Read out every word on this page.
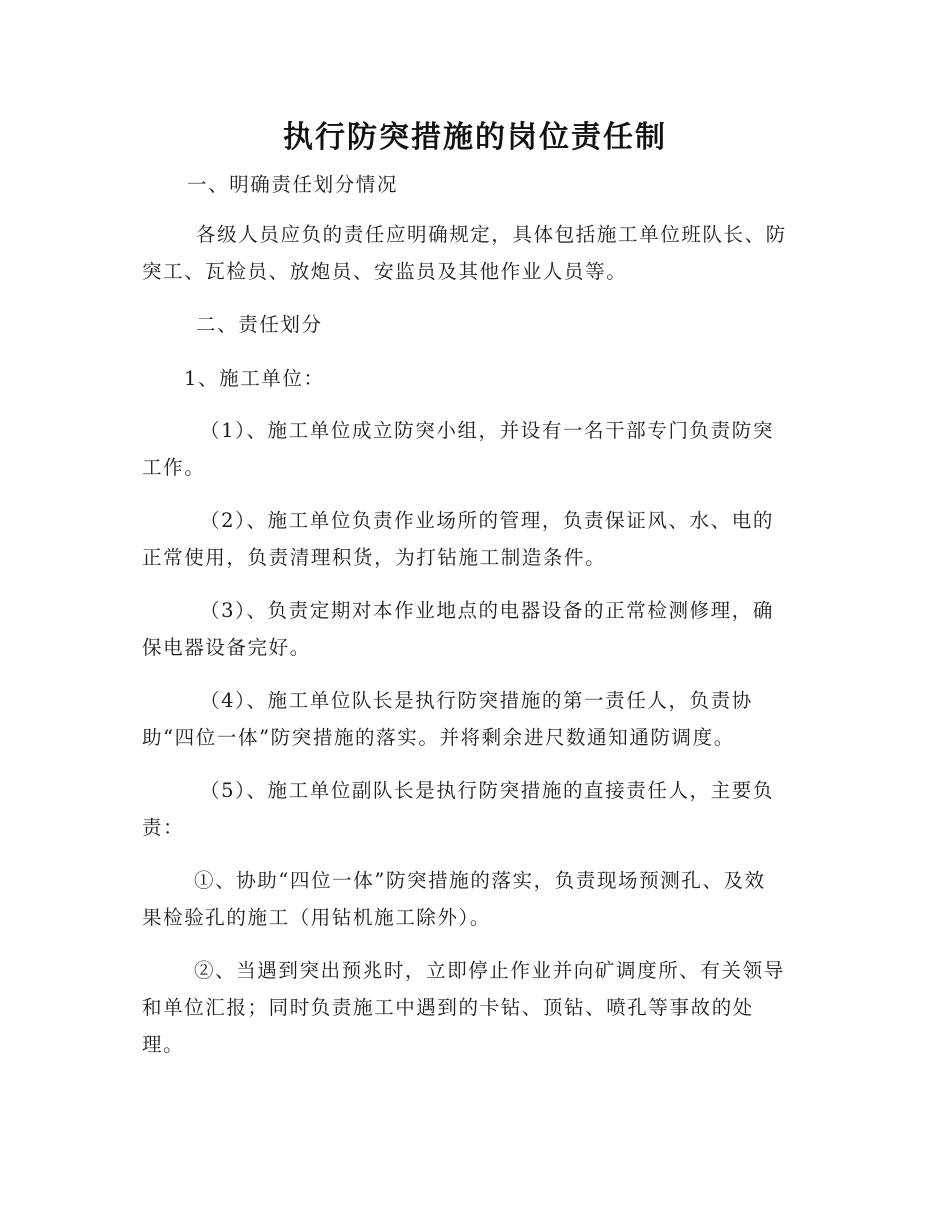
执行防突措施的岗位责任制

一、明确责任划分情况

各级人员应负的责任应明确规定，具体包括施工单位班队长、防
突工、瓦检员、放炮员、安监员及其他作业人员等。

二、责任划分

1、施工单位：

（1）、施工单位成立防突小组，并设有一名干部专门负责防突
工作。

（2）、施工单位负责作业场所的管理，负责保证风、水、电的
正常使用，负责清理积货，为打钻施工制造条件。

（3）、负责定期对本作业地点的电器设备的正常检测修理，确
保电器设备完好。

（4）、施工单位队长是执行防突措施的第一责任人，负责协
助“四位一体”防突措施的落实。并将剩余进尺数通知通防调度。

（5）、施工单位副队长是执行防突措施的直接责任人，主要负
责：

①、协助“四位一体”防突措施的落实，负责现场预测孔、及效
果检验孔的施工（用钻机施工除外）。

②、当遇到突出预兆时，立即停止作业并向矿调度所、有关领导
和单位汇报；同时负责施工中遇到的卡钻、顶钻、喷孔等事故的处
理。
